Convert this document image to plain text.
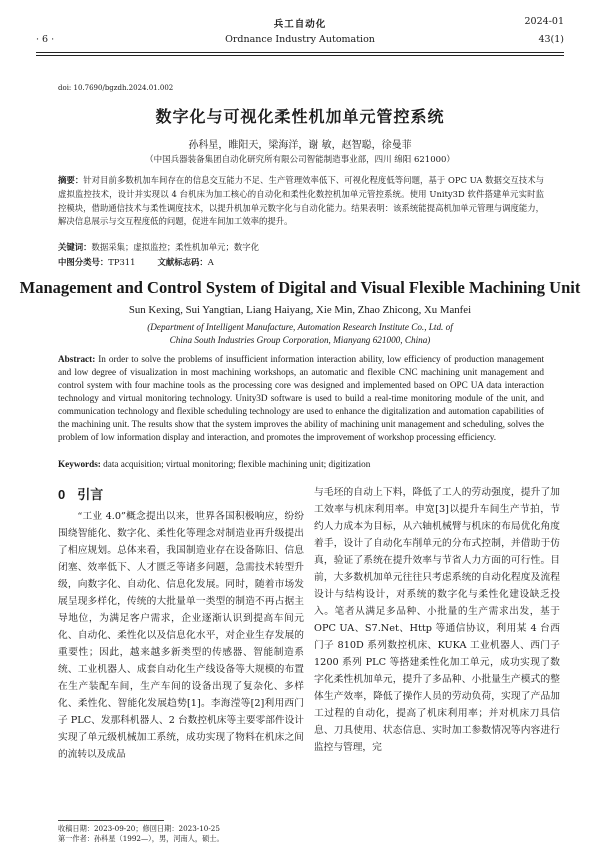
兵工自动化	2024-01
· 6 ·	Ordnance Industry Automation	43(1)
doi: 10.7690/bgzdh.2024.01.002
数字化与可视化柔性机加单元管控系统
孙科星，睢阳天，梁海洋，谢 敏，赵智聪，徐曼菲
（中国兵器装备集团自动化研究所有限公司智能制造事业部，四川 绵阳 621000）
摘要：针对目前多数机加车间存在的信息交互能力不足、生产管理效率低下、可视化程度低等问题，基于 OPC UA 数据交互技术与虚拟监控技术，设计并实现以 4 台机床为加工核心的自动化和柔性化数控机加单元管控系统。使用 Unity3D 软件搭建单元实时监控模块，借助通信技术与柔性调度技术，以提升机加单元数字化与自动化能力。结果表明：该系统能提高机加单元管理与调度能力，解决信息展示与交互程度低的问题，促进车间加工效率的提升。
关键词：数据采集；虚拟监控；柔性机加单元；数字化
中图分类号：TP311	文献标志码：A
Management and Control System of Digital and Visual Flexible Machining Unit
Sun Kexing, Sui Yangtian, Liang Haiyang, Xie Min, Zhao Zhicong, Xu Manfei
(Department of Intelligent Manufacture, Automation Research Institute Co., Ltd. of
China South Industries Group Corporation, Mianyang 621000, China)
Abstract: In order to solve the problems of insufficient information interaction ability, low efficiency of production management and low degree of visualization in most machining workshops, an automatic and flexible CNC machining unit management and control system with four machine tools as the processing core was designed and implemented based on OPC UA data interaction technology and virtual monitoring technology. Unity3D software is used to build a real-time monitoring module of the unit, and communication technology and flexible scheduling technology are used to enhance the digitalization and automation capabilities of the machining unit. The results show that the system improves the ability of machining unit management and scheduling, solves the problem of low information display and interaction, and promotes the improvement of workshop processing efficiency.
Keywords: data acquisition; virtual monitoring; flexible machining unit; digitization
0 引言
“工业 4.0”概念提出以来，世界各国积极响应，纷纷围绕智能化、数字化、柔性化等理念对制造业再升级提出了相应规划。总体来看，我国制造业存在设备陈旧、信息闭塞、效率低下、人才匮乏等诸多问题，急需技术转型升级，向数字化、自动化、信息化发展。同时，随着市场发展呈现多样化，传统的大批量单一类型的制造不再占据主导地位，为满足客户需求，企业逐渐认识到提高车间元化、自动化、柔性化以及信息化水平，对企业生存发展的重要性；因此，越来越多新类型的传感器、智能制造系统、工业机器人、成套自动化生产线设备等大规模的布置在生产装配车间，生产车间的设备出现了复杂化、多样化、柔性化、智能化发展趋势[1]。李海滢等[2]利用西门子 PLC、发那科机器人、2 台数控机床等主要零部件设计实现了单元级机械加工系统，成功实现了物料在机床之间的流转以及成品
与毛坯的自动上下料，降低了工人的劳动强度，提升了加工效率与机床利用率。申宽[3]以提升车间生产节拍，节约人力成本为目标，从六轴机械臂与机床的布局优化角度着手，设计了自动化车削单元的分布式控制，并借助于仿真，验证了系统在提升效率与节省人力方面的可行性。目前，大多数机加单元往往只考虑系统的自动化程度及流程设计与结构设计，对系统的数字化与柔性化建设缺乏投入。笔者从满足多品种、小批量的生产需求出发，基于 OPC UA、S7.Net、Http 等通信协议，利用某 4 台西门子 810D 系列数控机床、KUKA 工业机器人、西门子 1200 系列 PLC 等搭建柔性化加工单元，成功实现了数字化柔性机加单元，提升了多品种、小批量生产模式的整体生产效率，降低了操作人员的劳动负荷，实现了产品加工过程的自动化，提高了机床利用率；并对机床刀具信息、刀具使用、状态信息、实时加工参数情况等内容进行监控与管理，完
收稿日期：2023-09-20；修回日期：2023-10-25
第一作者：孙科星（1992—），男，河南人，硕士。
